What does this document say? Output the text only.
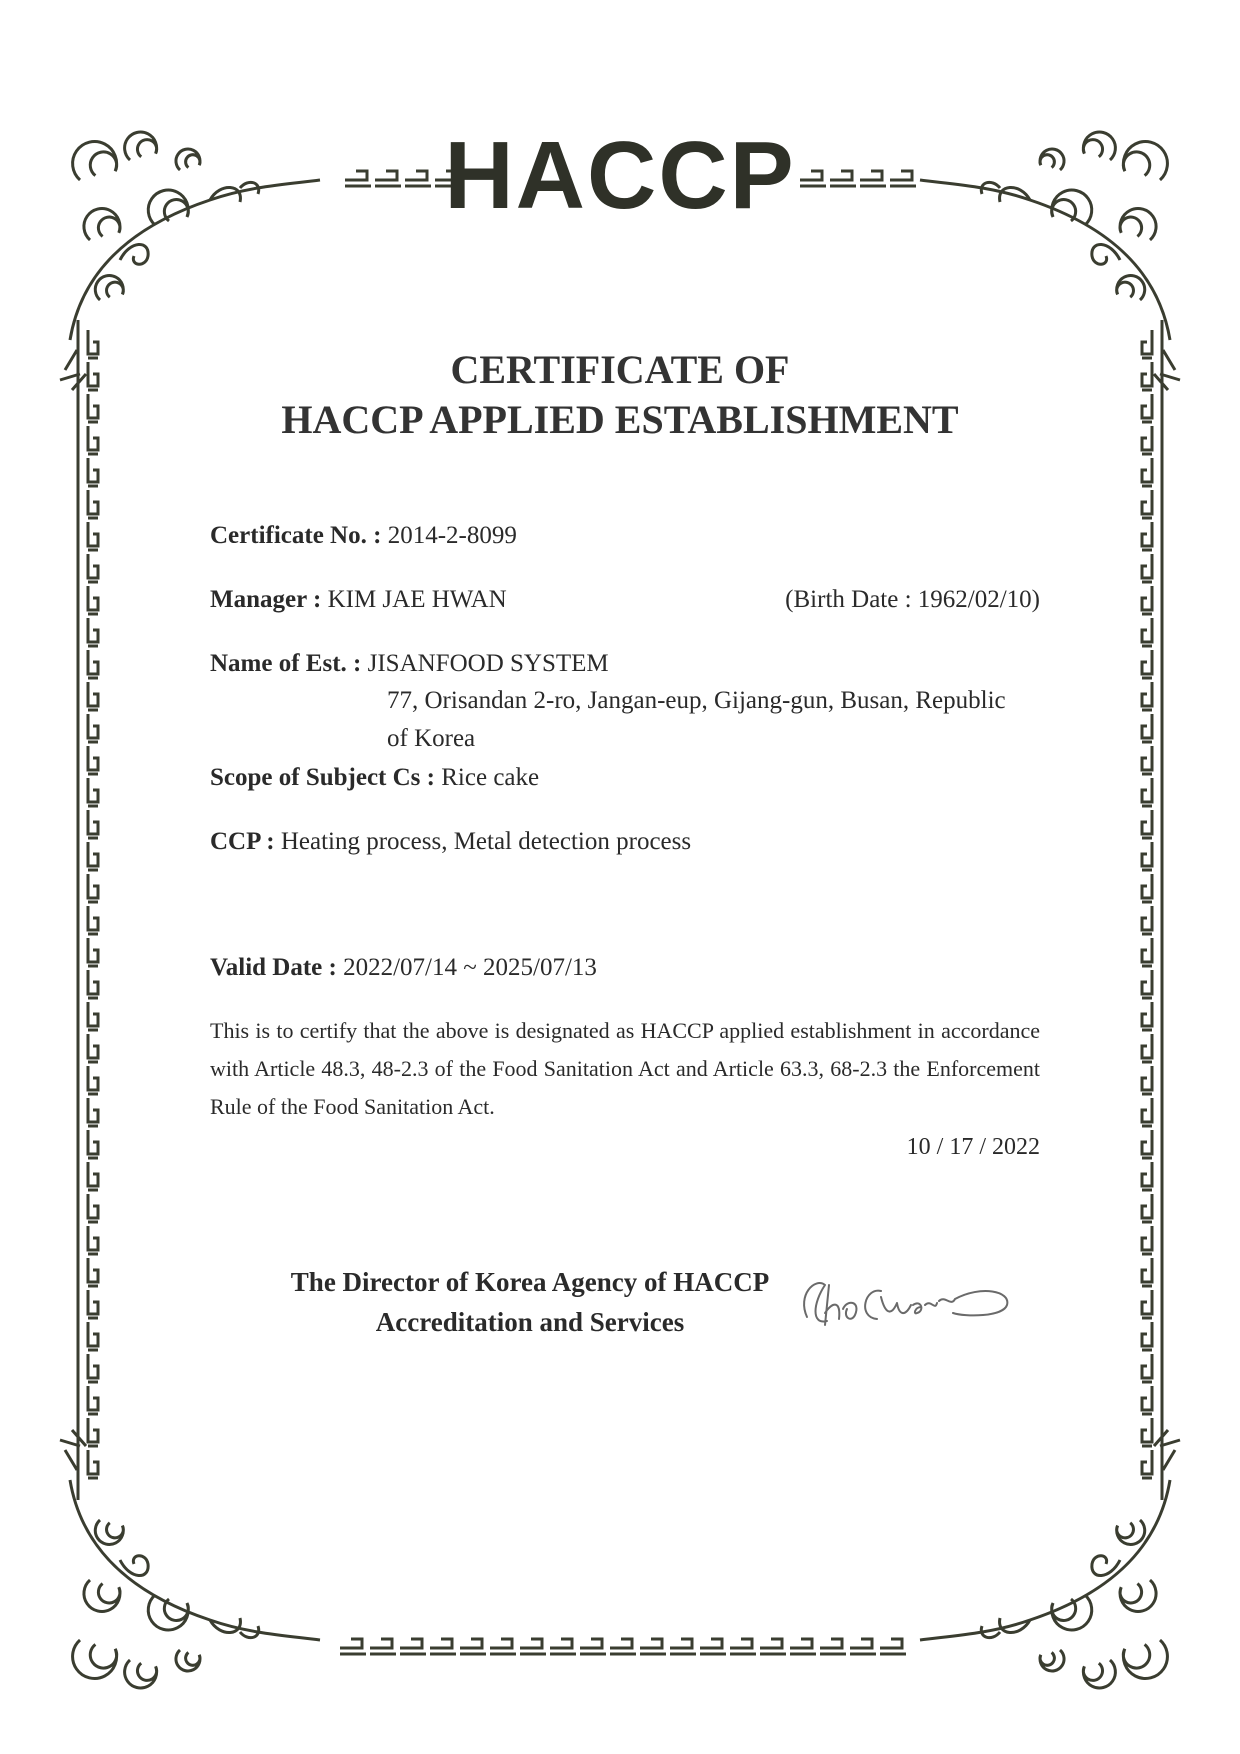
HACCP
CERTIFICATE OF
HACCP APPLIED ESTABLISHMENT
Certificate No. : 2014-2-8099
Manager : KIM JAE HWAN	(Birth Date : 1962/02/10)
Name of Est. : JISANFOOD SYSTEM
77, Orisandan 2-ro, Jangan-eup, Gijang-gun, Busan, Republic
of Korea
Scope of Subject Cs : Rice cake
CCP : Heating process, Metal detection process
Valid Date : 2022/07/14 ~ 2025/07/13
This is to certify that the above is designated as HACCP applied establishment in accordance with Article 48.3, 48-2.3 of the Food Sanitation Act and Article 63.3, 68-2.3 the Enforcement Rule of the Food Sanitation Act.
10 / 17 / 2022
The Director of Korea Agency of HACCP
Accreditation and Services
